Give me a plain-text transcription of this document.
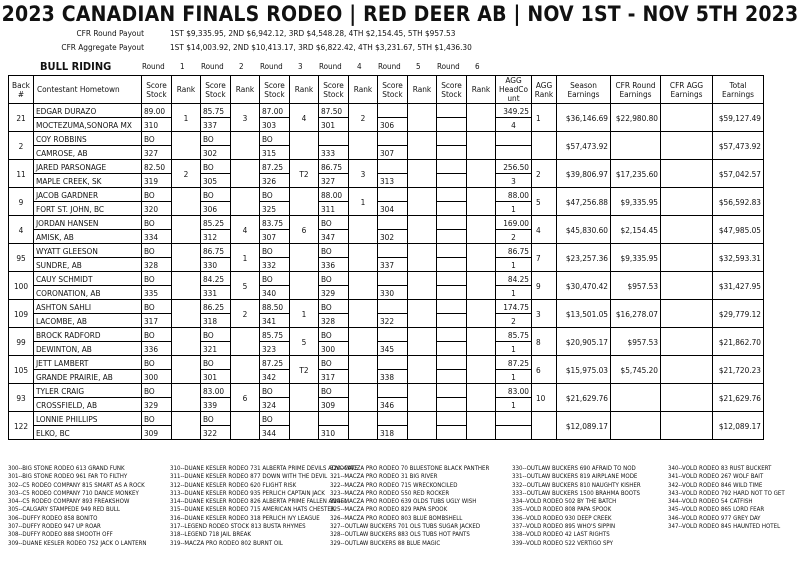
2023 CANADIAN FINALS RODEO | RED DEER AB | NOV 1ST - NOV 5TH 2023
CFR Round Payout	1ST $9,335.95, 2ND $6,942.12, 3RD $4,548.28, 4TH $2,154.45, 5TH $957.53
CFR Aggregate Payout	1ST $14,003.92, 2ND $10,413.17, 3RD $6,822.42, 4TH $3,231.67, 5TH $1,436.30
BULL RIDING	Round 1 Round 2 Round 3 Round 4 Round 5 Round 6
Back #	Contestant Hometown	Score Stock	Rank	Score Stock	Rank	Score Stock	Rank	Score Stock	Rank	Score Stock	Rank	Score Stock	Rank	AGG HeadCo unt	AGG Rank	Season Earnings	CFR Round Earnings	CFR AGG Earnings	Total Earnings
21	EDGAR DURAZO	89.00	1	85.75	3	87.00	4	87.50	2					349.25	1	$36,146.69	$22,980.80		$59,127.49
	MOCTEZUMA,SONORA MX	310		337		303		301		306				4					
2	COY ROBBINS	BO		BO		BO										$57,473.92			$57,473.92
	CAMROSE, AB	327		302		315		333		307									
11	JARED PARSONAGE	82.50	2	BO		87.25	T2	86.75	3					256.50	2	$39,806.97	$17,235.60		$57,042.57
	MAPLE CREEK, SK	319		305		326		327		313				3					
9	JACOB GARDNER	BO		BO		BO		88.00	1					88.00	5	$47,256.88	$9,335.95		$56,592.83
	FORT ST. JOHN, BC	320		306		325		311		304				1					
4	JORDAN HANSEN	BO		85.25	4	83.75	6	BO						169.00	4	$45,830.60	$2,154.45		$47,985.05
	AMISK, AB	334		312		307		347		302				2					
95	WYATT GLEESON	BO		86.75	1	BO		BO						86.75	7	$23,257.36	$9,335.95		$32,593.31
	SUNDRE, AB	328		330		332		336		337				1					
100	CAUY SCHMIDT	BO		84.25	5	BO		BO						84.25	9	$30,470.42	$957.53		$31,427.95
	CORONATION, AB	335		331		340		329		330				1					
109	ASHTON SAHLI	BO		86.25	2	88.50	1	BO						174.75	3	$13,501.05	$16,278.07		$29,779.12
	LACOMBE, AB	317		318		341		328		322				2					
99	BROCK RADFORD	BO		BO		85.75	5	BO						85.75	8	$20,905.17	$957.53		$21,862.70
	DEWINTON, AB	336		321		323		300		345				1					
105	JETT LAMBERT	BO		BO		87.25	T2	BO						87.25	6	$15,975.03	$5,745.20		$21,720.23
	GRANDE PRAIRIE, AB	300		301		342		317		338				1					
93	TYLER CRAIG	BO		83.00	6	BO		BO						83.00	10	$21,629.76			$21,629.76
	CROSSFIELD, AB	329		339		324		309		346				1					
122	LONNIE PHILLIPS	BO		BO		BO										$12,089.17			$12,089.17
	ELKO, BC	309		322		344		310		318									
300--BIG STONE RODEO 613 GRAND FUNK
301--BIG STONE RODEO 961 FAR TO FILTHY
302--C5 RODEO COMPANY 815 SMART AS A ROCK
303--C5 RODEO COMPANY 710 DANCE MONKEY
304--C5 RODEO COMPANY 893 FREAKSHOW
305--CALGARY STAMPEDE 949 RED BULL
306--DUFFY RODEO 858 BONITO
307--DUFFY RODEO 947 UP ROAR
308--DUFFY RODEO 888 SMOOTH OFF
309--DUANE KESLER RODEO 752 JACK O LANTERN
310--DUANE KESLER RODEO 731 ALBERTA PRIME DEVILS ADVOCATE
311--DUANE KESLER RODEO 877 DOWN WITH THE DEVIL
312--DUANE KESLER RODEO 620 FLIGHT RISK
313--DUANE KESLER RODEO 935 PERLICH CAPTAIN JACK
314--DUANE KESLER RODEO 826 ALBERTA PRIME FALLEN ANGEL
315--DUANE KESLER RODEO 715 AMERICAN HATS CHESTER
316--DUANE KESLER RODEO 318 PERLICH IVY LEAGUE
317--LEGEND RODEO STOCK 813 BUSTA RHYMES
318--LEGEND 718 JAIL BREAK
319--MACZA PRO RODEO 802 BURNT OIL
320--MACZA PRO RODEO 70 BLUESTONE BLACK PANTHER
321--MACZA PRO RODEO 31 BIG RIVER
322--MACZA PRO RODEO 715 WRECKONCILED
323--MACZA PRO RODEO 550 RED ROCKER
324--MACZA PRO RODEO 639 OLDS TUBS UGLY WISH
325--MACZA PRO RODEO 829 PAPA SPOOK
326--MACZA PRO RODEO 803 BLUE BOMBSHELL
327--OUTLAW BUCKERS 701 OLS TUBS SUGAR JACKED
328--OUTLAW BUCKERS 883 OLS TUBS HOT PANTS
329--OUTLAW BUCKERS 88 BLUE MAGIC
330--OUTLAW BUCKERS 690 AFRAID TO NOD
331--OUTLAW BUCKERS 819 AIRPLANE MODE
332--OUTLAW BUCKERS 810 NAUGHTY KISHER
333--OUTLAW BUCKERS 1500 BRAHMA BOOTS
334--VOLD RODEO 502 BY THE BATCH
335--VOLD RODEO 808 PAPA SPOOK
336--VOLD RODEO 930 DEEP CREEK
337--VOLD RODEO 895 WHO'S SIPPIN
338--VOLD RODEO 42 LAST RIGHTS
339--VOLD RODEO 522 VERTIGO SPY
340--VOLD RODEO 83 RUST BUCKERT
341--VOLD RODEO 267 WOLF BAIT
342--VOLD RODEO 846 WILD TIME
343--VOLD RODEO 792 HARD NOT TO GET
344--VOLD RODEO 54 CATFISH
345--VOLD RODEO 865 LORD FEAR
346--VOLD RODEO 977 GREY DAY
347--VOLD RODEO 845 HAUNTED HOTEL
